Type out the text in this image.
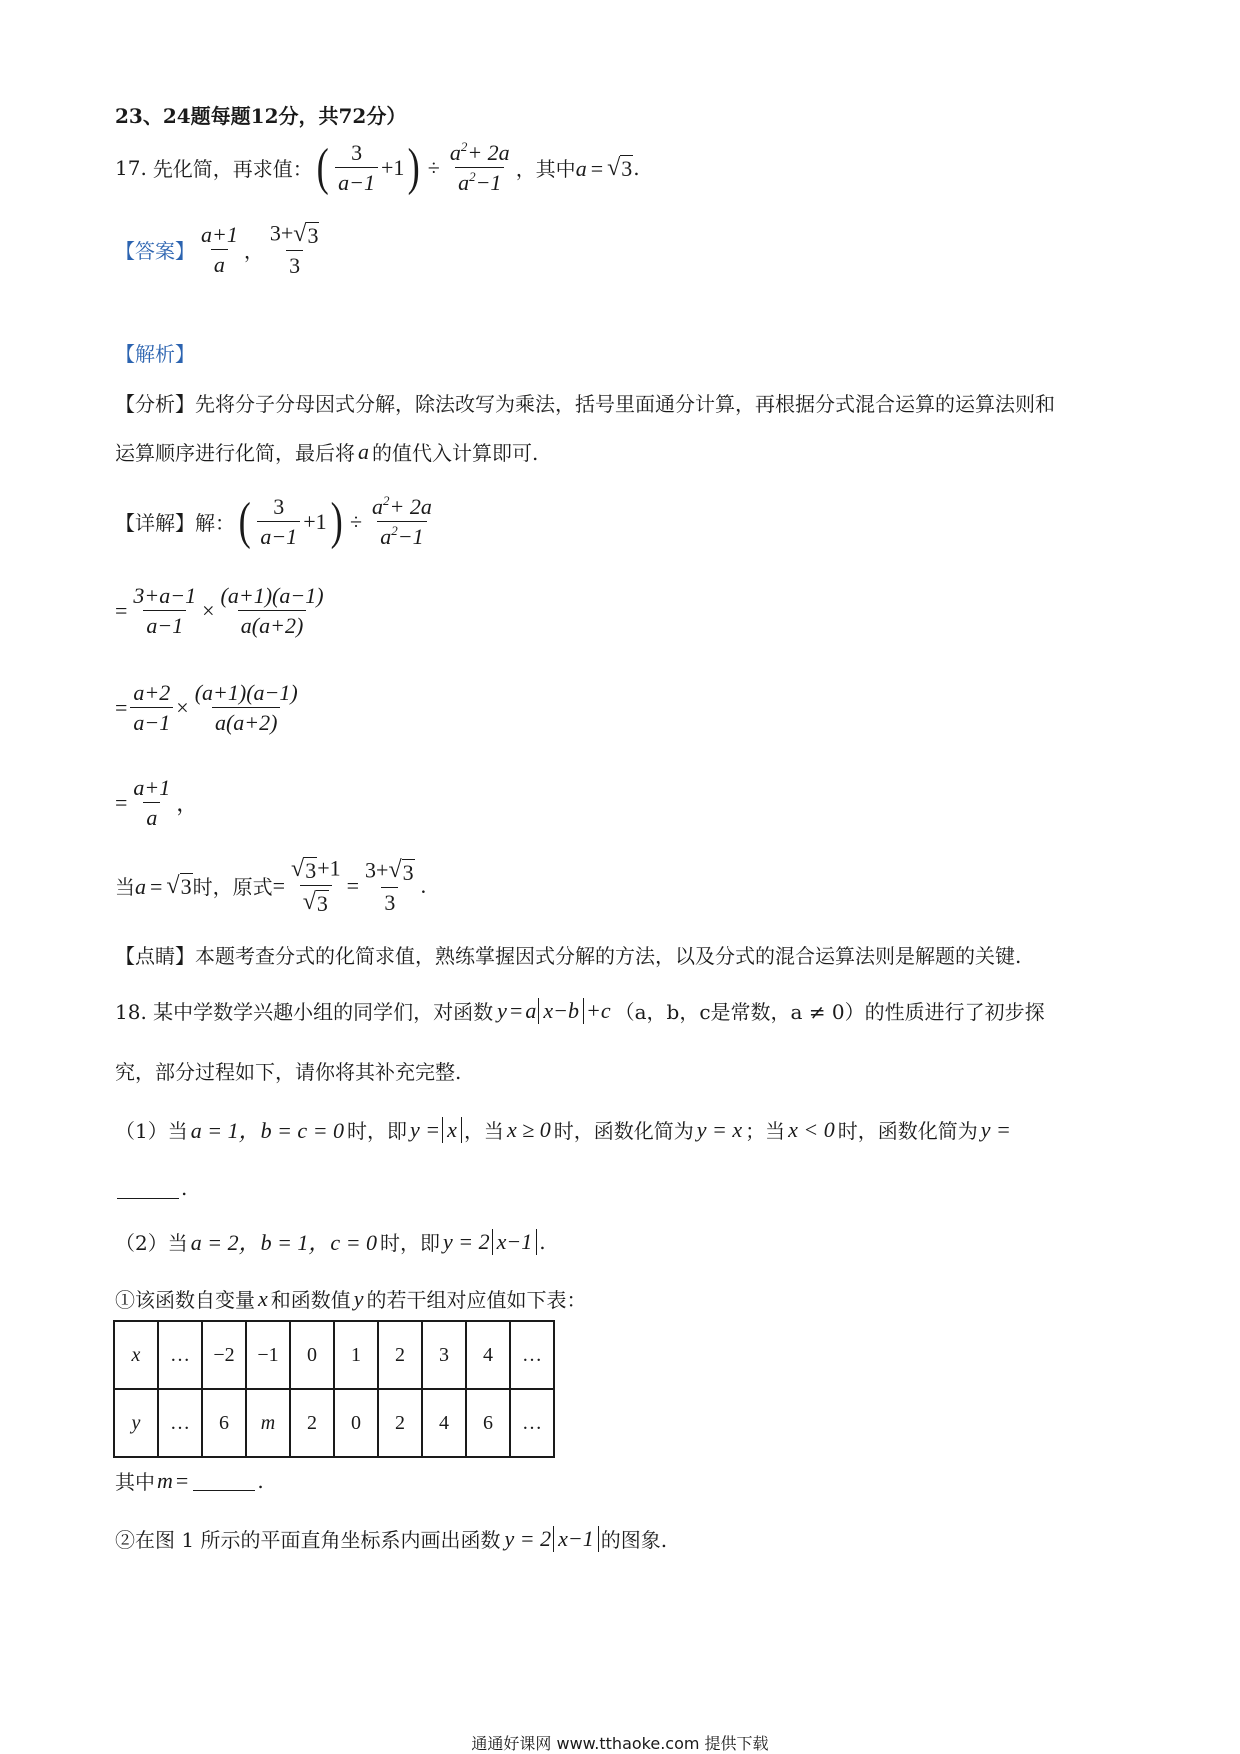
23、24题每题12分，共72分）
17. 先化简，再求值： ( $\frac{3}{a-1} +1$ ) ÷ $\frac{a^2+ 2a}{a^2-1}$ ，其中 a = √ 3 .
【答案】 $\frac{a+1}{a}$ ， $\frac{3+ √ 3}{3}$
【解析】
【分析】 先将分子分母因式分解，除法改写为乘法，括号里面通分计算，再根据分式混合运算的运算法则和
运算顺序进行化简，最后将 a 的值代入计算即可.
【详解】解： ( $\frac{3}{a-1} +1$ ) ÷ $\frac{a^2+ 2a}{a^2-1}$
= $\frac{3+a-1}{a-1} \times \frac{(a+1)(a-1)}{a(a+2)}$
= $\frac{a+2}{a-1} \times \frac{(a+1)(a-1)}{a(a+2)}$
= $\frac{a+1}{a}$ ，
当 a = √ 3 时，原式 = $\frac{√ 3 +1}{√ 3} = \frac{3+ √ 3}{3}$ .
【点睛】 本题考查分式的化简求值，熟练掌握因式分解的方法，以及分式的混合运算法则是解题的关键.
18. 某中学数学兴趣小组的同学们，对函数 y = a x−b +c （a，b，c是常数，a ≠ 0）的性质进行了初步探
究，部分过程如下，请你将其补充完整.
（1）当 a = 1，b = c = 0 时，即 y = x ，当 x ≥ 0 时，函数化简为 y = x ；当 x < 0 时，函数化简为 y =
.
（2）当 a = 2，b = 1，c = 0 时，即 y = 2 x−1 .
①该函数自变量 x 和函数值 y 的若干组对应值如下表：
x	…	−2	−1	0	1	2	3	4	…
y	…	6	m	2	0	2	4	6	…
其中 m =	.
②在图 1 所示的平面直角坐标系内画出函数 y = 2 x−1 的图象.
通通好课网 www.tthaoke.com 提供下载
